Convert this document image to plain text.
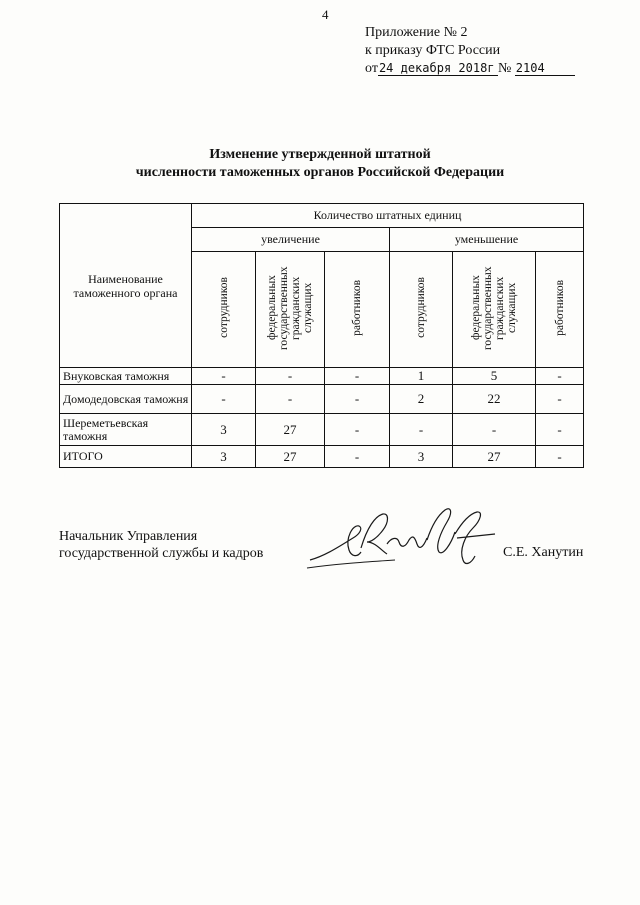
4
Приложение № 2
к приказу ФТС России
от24 декабря 2018г № 2104
Изменение утвержденной штатной
численности таможенных органов Российской Федерации
Наименование таможенного органа	Количество штатных единиц					
	увеличение			уменьшение		
	сотрудников	федеральных государственных гражданских служащих	работников	сотрудников	федеральных государственных гражданских служащих	работников
Внуковская таможня	-	-	-	1	5	-
Домодедовская таможня	-	-	-	2	22	-
Шереметьевская таможня	3	27	-	-	-	-
ИТОГО	3	27	-	3	27	-
Начальник Управления
государственной службы и кадров	С.Е. Ханутин
